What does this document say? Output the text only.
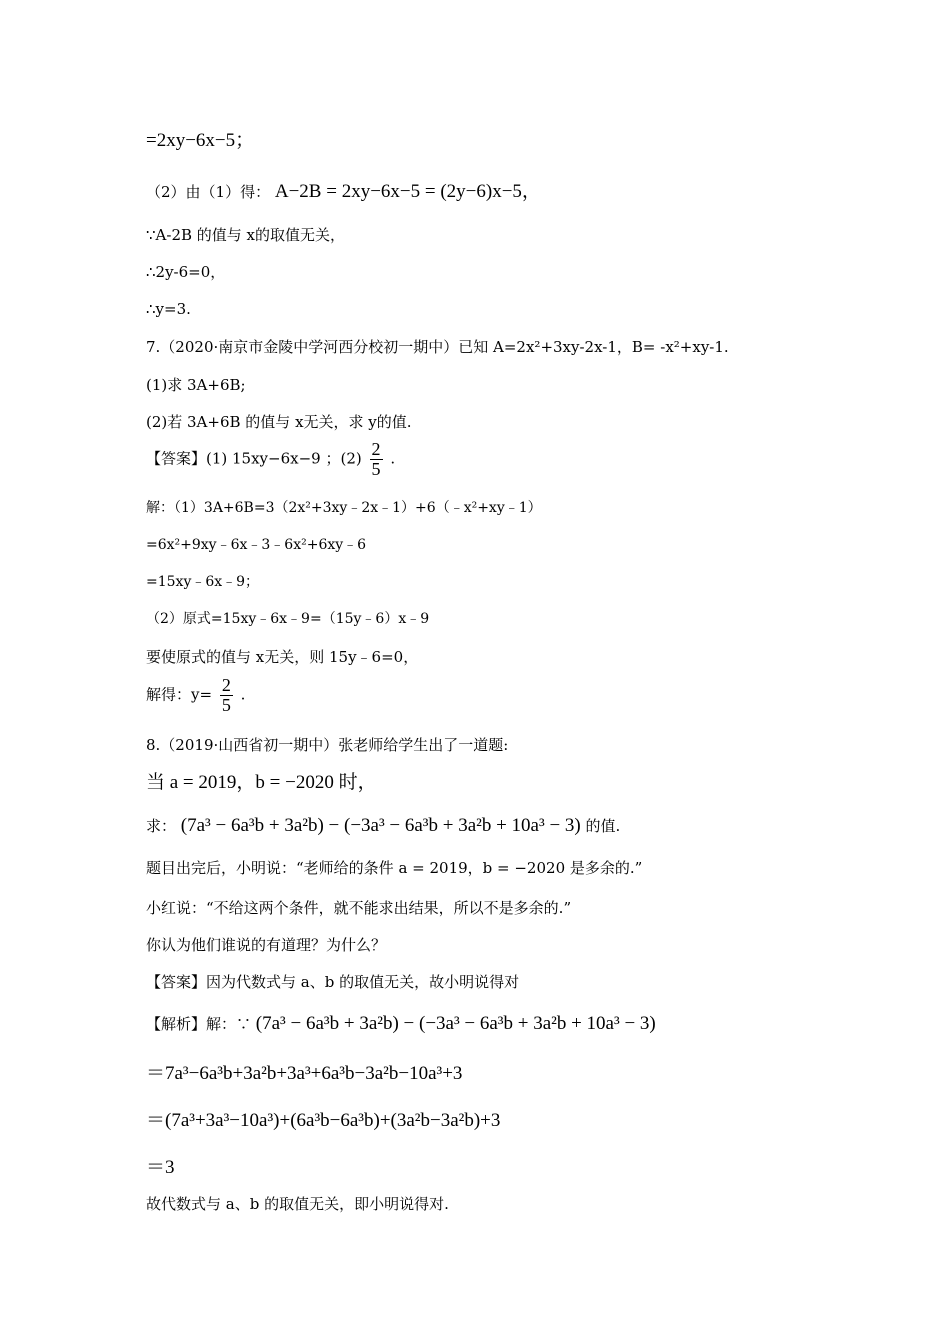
=2xy−6x−5；
（2）由（1）得： A−2B = 2xy−6x−5 = (2y−6)x−5，
∵A-2B 的值与 x的取值无关，
∴2y-6=0，
∴y=3.
7.（2020·南京市金陵中学河西分校初一期中）已知 A=2x²+3xy-2x-1，B= -x²+xy-1.
(1)求 3A+6B;
(2)若 3A+6B 的值与 x无关，求 y的值.
【答案】(1) 15xy−6x−9 ；$(2) \frac{2}{5}$ .
解：（1）3A+6B=3（2x²+3xy﹣2x﹣1）+6（﹣x²+xy﹣1）
=6x²+9xy﹣6x﹣3﹣6x²+6xy﹣6
=15xy﹣6x﹣9；
（2）原式=15xy﹣6x﹣9=（15y﹣6）x﹣9
要使原式的值与 x无关，则 15y﹣6=0，
解得：$y= \frac{2}{5}$ .
8.（2019·山西省初一期中）张老师给学生出了一道题:
当 a = 2019，b = −2020 时，
求： (7a³ − 6a³b + 3a²b) − (−3a³ − 6a³b + 3a²b + 10a³ − 3) 的值.
题目出完后，小明说：“老师给的条件 a = 2019，b = −2020 是多余的.”
小红说：“不给这两个条件，就不能求出结果，所以不是多余的.”
你认为他们谁说的有道理？为什么？
【答案】因为代数式与 a、b 的取值无关，故小明说得对
【解析】解：∵ (7a³ − 6a³b + 3a²b) − (−3a³ − 6a³b + 3a²b + 10a³ − 3)
＝7a³−6a³b+3a²b+3a³+6a³b−3a²b−10a³+3
＝(7a³+3a³−10a³)+(6a³b−6a³b)+(3a²b−3a²b)+3
＝3
故代数式与 a、b 的取值无关，即小明说得对.
